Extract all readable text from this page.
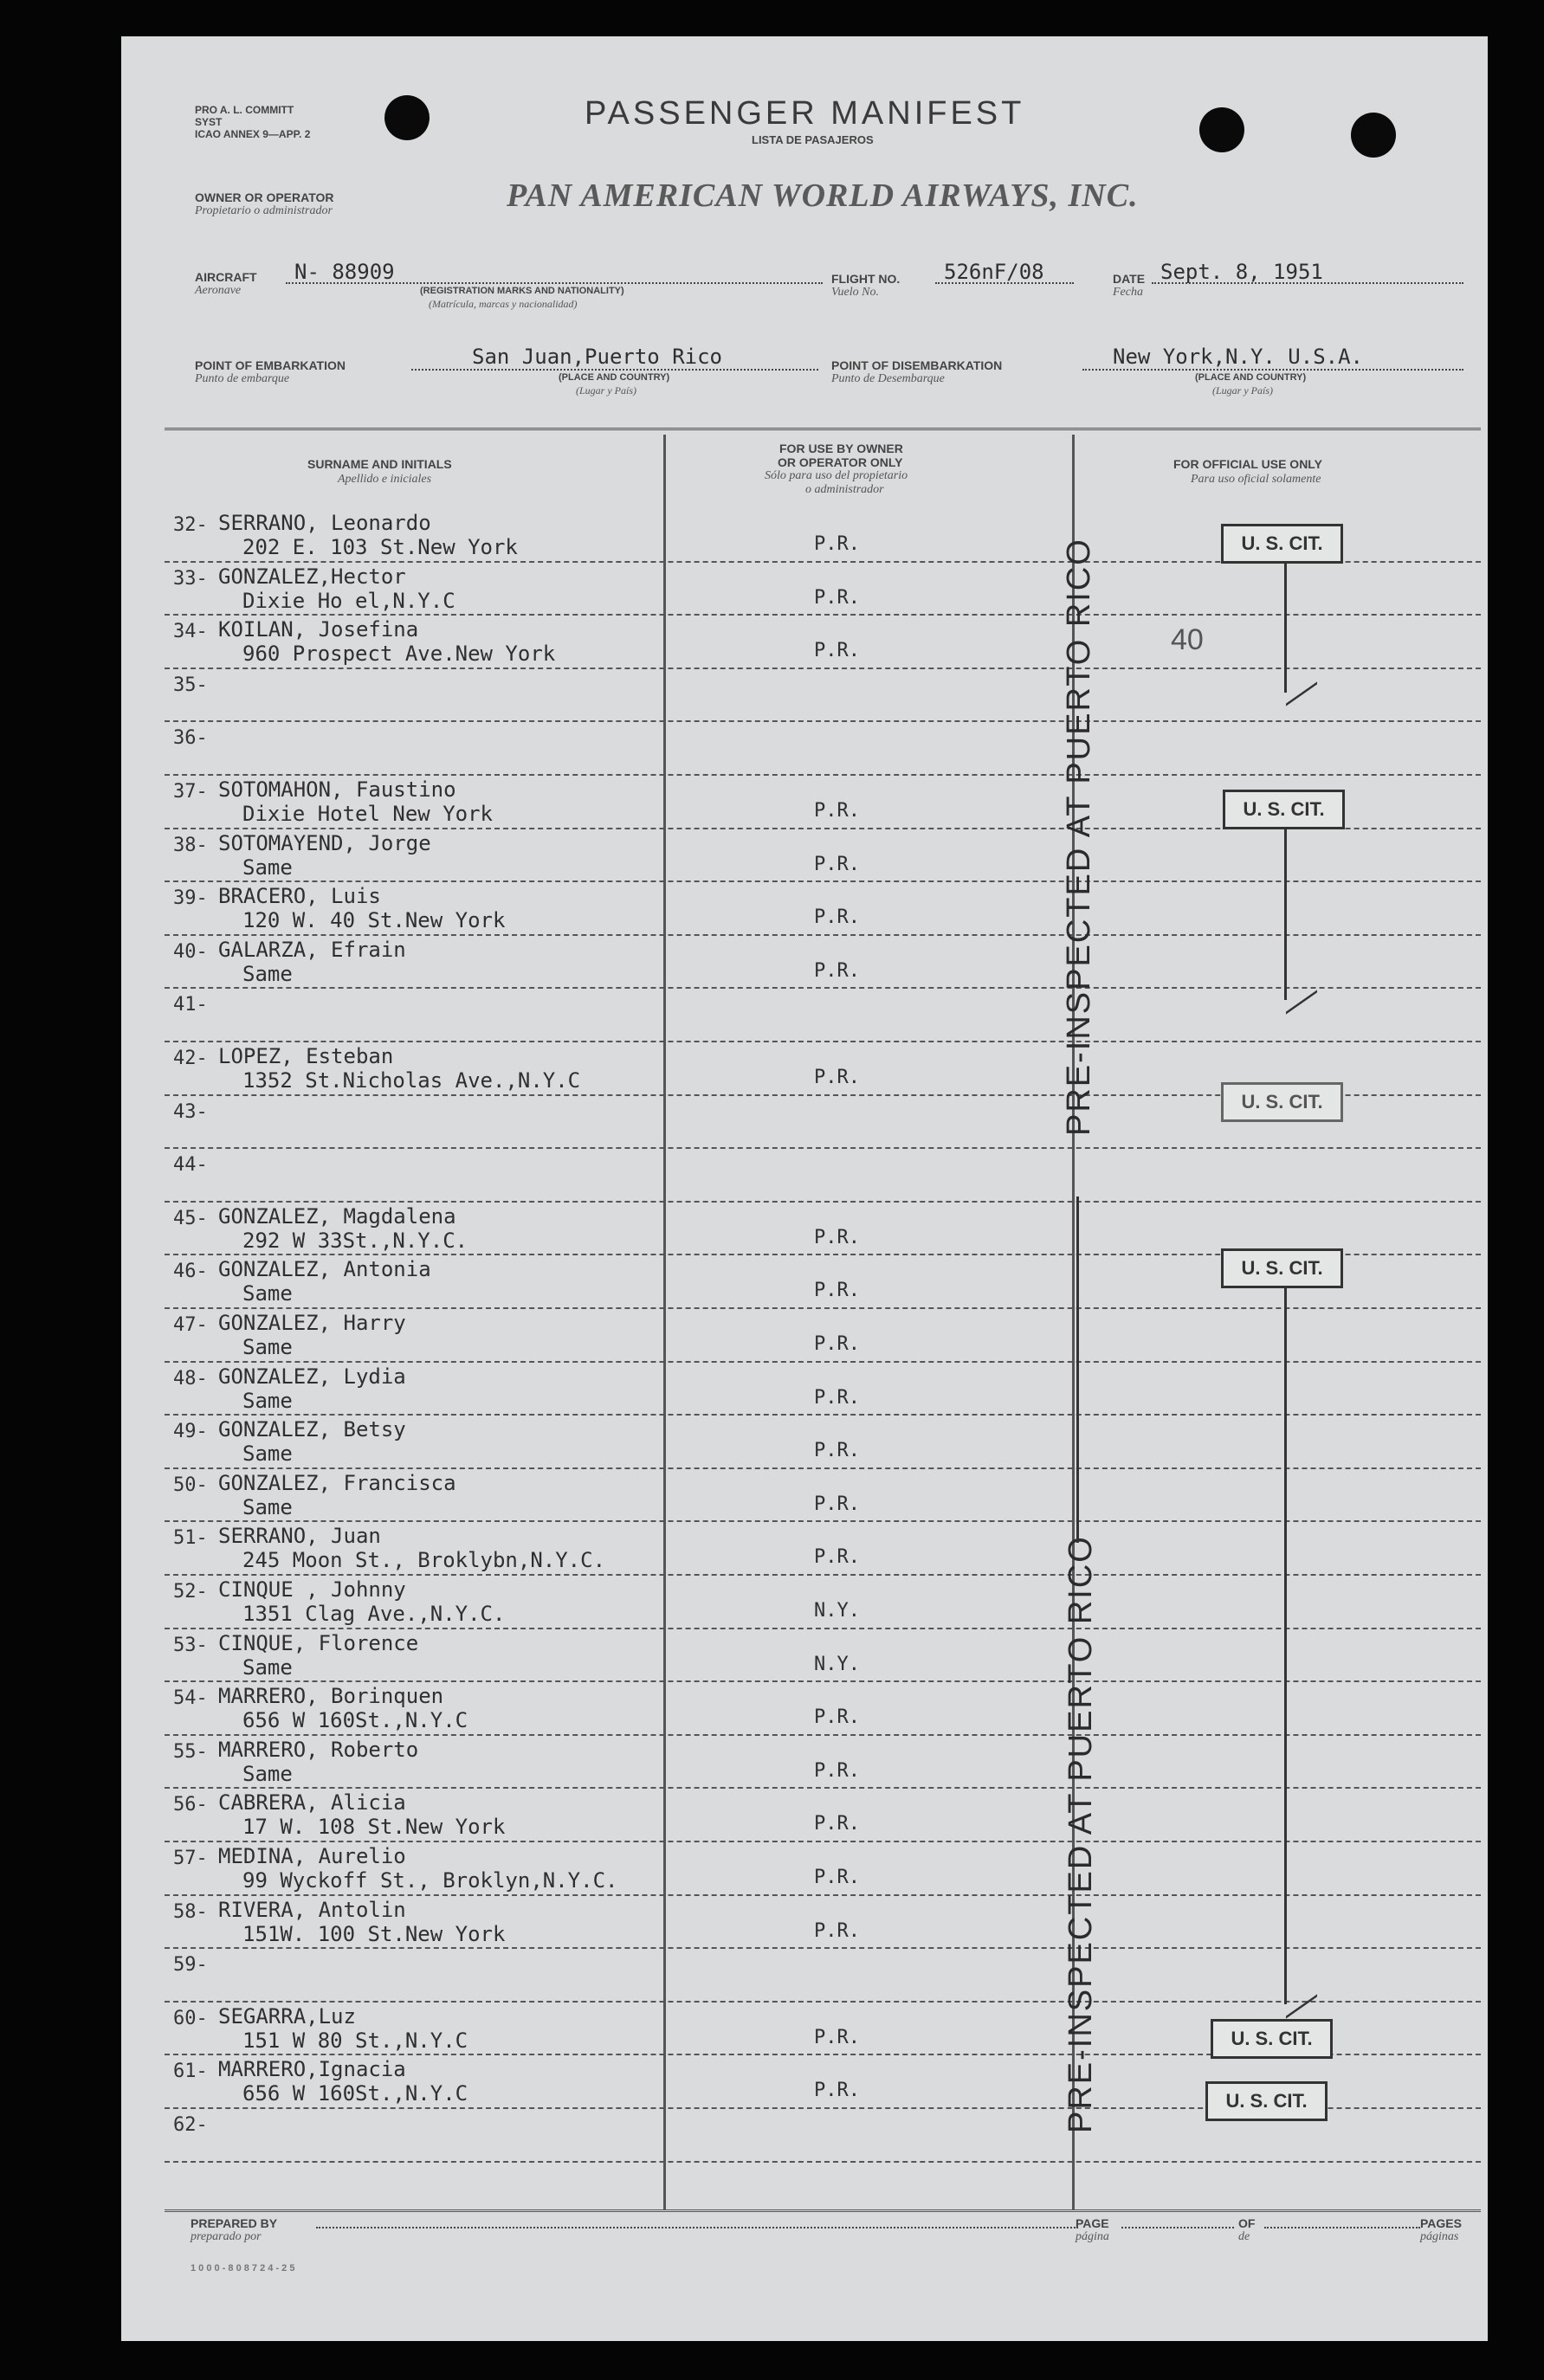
PRO A. L. COMMITT
SYST
ICAO ANNEX 9—APP. 2
PASSENGER MANIFEST
LISTA DE PASAJEROS
OWNER OR OPERATOR
Propietario o administrador	PAN AMERICAN WORLD AIRWAYS, INC.
AIRCRAFT
Aeronave
N- 88909
(REGISTRATION MARKS AND NATIONALITY)
(Matrícula, marcas y nacionalidad)
FLIGHT NO.
Vuelo No.
526nF/08	DATE
Fecha
Sept. 8, 1951
POINT OF EMBARKATION
Punto de embarque
San Juan,Puerto Rico
(PLACE AND COUNTRY)
(Lugar y País)
POINT OF DISEMBARKATION
Punto de Desembarque
New York,N.Y. U.S.A.
(PLACE AND COUNTRY)
(Lugar y País)
SURNAME AND INITIALS
Apellido e iniciales
FOR USE BY OWNER
OR OPERATOR ONLY
Sólo para uso del propietario
o administrador
FOR OFFICIAL USE ONLY
Para uso oficial solamente
32- SERRANO, Leonardo
202 E. 103 St.New York	P.R.
33- GONZALEZ,Hector
Dixie Ho el,N.Y.C	P.R.
34- KOILAN, Josefina
960 Prospect Ave.New York	P.R.
35-
36-
37- SOTOMAHON, Faustino
Dixie Hotel New York	P.R.
38- SOTOMAYEND, Jorge
Same	P.R.
39- BRACERO, Luis
120 W. 40 St.New York	P.R.
40- GALARZA, Efrain
Same	P.R.
41-
42- LOPEZ, Esteban
1352 St.Nicholas Ave.,N.Y.C	P.R.
43-
44-
45- GONZALEZ, Magdalena
292 W 33St.,N.Y.C.	P.R.
46- GONZALEZ, Antonia
Same	P.R.
47- GONZALEZ, Harry
Same	P.R.
48- GONZALEZ, Lydia
Same	P.R.
49- GONZALEZ, Betsy
Same	P.R.
50- GONZALEZ, Francisca
Same	P.R.
51- SERRANO, Juan
245 Moon St., Broklybn,N.Y.C.	P.R.
52- CINQUE , Johnny
1351 Clag Ave.,N.Y.C.	N.Y.
53- CINQUE, Florence
Same	N.Y.
54- MARRERO, Borinquen
656 W 160St.,N.Y.C	P.R.
55- MARRERO, Roberto
Same	P.R.
56- CABRERA, Alicia
17 W. 108 St.New York	P.R.
57- MEDINA, Aurelio
99 Wyckoff St., Broklyn,N.Y.C.	P.R.
58- RIVERA, Antolin
151W. 100 St.New York	P.R.
59-
60- SEGARRA,Luz
151 W 80 St.,N.Y.C	P.R.
61- MARRERO,Ignacia
656 W 160St.,N.Y.C	P.R.
62-
PRE-INSPECTED AT PUERTO RICO
PRE-INSPECTED AT PUERTO RICO
U. S. CIT.
40
U. S. CIT.
U. S. CIT.
U. S. CIT.
U. S. CIT.
U. S. CIT.
PREPARED BY
preparado por
PAGE
página
OF
de
PAGES
páginas
1 0 0 0 - 8 0 8 7 2 4 - 2 5
